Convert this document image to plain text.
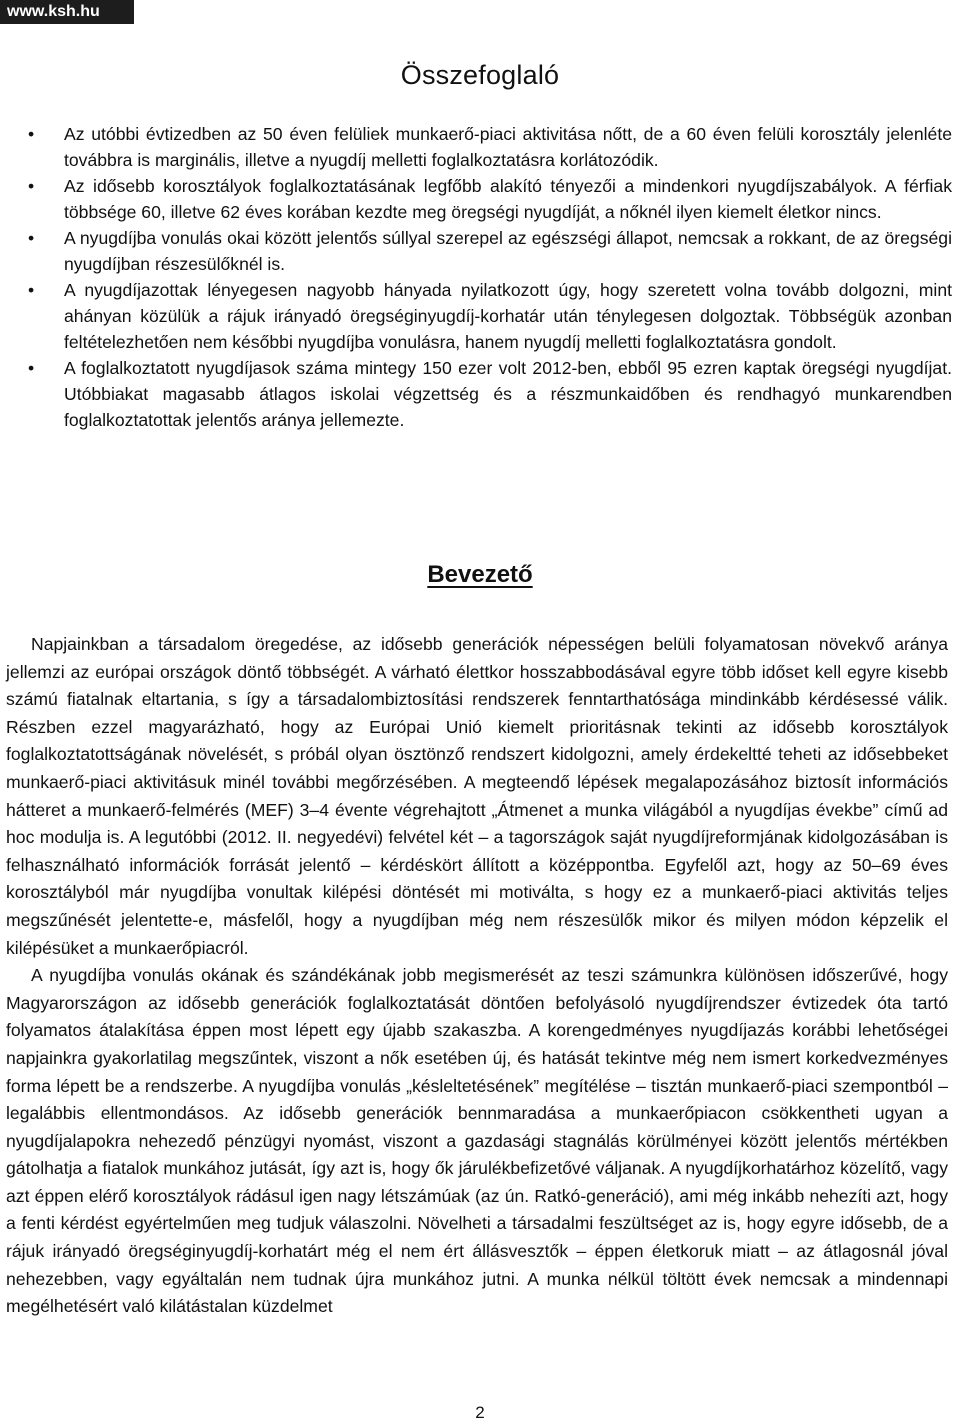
www.ksh.hu
Összefoglaló
• Az utóbbi évtizedben az 50 éven felüliek munkaerő-piaci aktivitása nőtt, de a 60 éven felüli korosztály jelenléte továbbra is marginális, illetve a nyugdíj melletti foglalkoztatásra korlátozódik.
• Az idősebb korosztályok foglalkoztatásának legfőbb alakító tényezői a mindenkori nyugdíjszabályok. A férfiak többsége 60, illetve 62 éves korában kezdte meg öregségi nyugdíját, a nőknél ilyen kiemelt életkor nincs.
• A nyugdíjba vonulás okai között jelentős súllyal szerepel az egészségi állapot, nemcsak a rokkant, de az öregségi nyugdíjban részesülőknél is.
• A nyugdíjazottak lényegesen nagyobb hányada nyilatkozott úgy, hogy szeretett volna tovább dolgozni, mint ahányan közülük a rájuk irányadó öregséginyugdíj-korhatár után ténylegesen dolgoztak. Többségük azonban feltételezhetően nem későbbi nyugdíjba vonulásra, hanem nyugdíj melletti foglalkoztatásra gondolt.
• A foglalkoztatott nyugdíjasok száma mintegy 150 ezer volt 2012-ben, ebből 95 ezren kaptak öregségi nyugdíjat. Utóbbiakat magasabb átlagos iskolai végzettség és a részmunkaidőben és rendhagyó munkarendben foglalkoztatottak jelentős aránya jellemezte.
Bevezető

Napjainkban a társadalom öregedése, az idősebb generációk népességen belüli folyamatosan növekvő aránya jellemzi az európai országok döntő többségét. A várható élettkor hosszabbodásával egyre több időset kell egyre kisebb számú fiatalnak eltartania, s így a társadalombiztosítási rendszerek fenntarthatósága mindinkább kérdésessé válik. Részben ezzel magyarázható, hogy az Európai Unió kiemelt prioritásnak tekinti az idősebb korosztályok foglalkoztatottságának növelését, s próbál olyan ösztönző rendszert kidolgozni, amely érdekeltté teheti az idősebbeket munkaerő-piaci aktivitásuk minél további megőrzésében. A megteendő lépések megalapozásához biztosít információs hátteret a munkaerő-felmérés (MEF) 3–4 évente végrehajtott „Átmenet a munka világából a nyugdíjas évekbe” című ad hoc modulja is. A legutóbbi (2012. II. negyedévi) felvétel két – a tagországok saját nyugdíjreformjának kidolgozásában is felhasználható információk forrását jelentő – kérdéskört állított a középpontba. Egyfelől azt, hogy az 50–69 éves korosztályból már nyugdíjba vonultak kilépési döntését mi motiválta, s hogy ez a munkaerő-piaci aktivitás teljes megszűnését jelentette-e, másfelől, hogy a nyugdíjban még nem részesülők mikor és milyen módon képzelik el kilépésüket a munkaerőpiacról.

A nyugdíjba vonulás okának és szándékának jobb megismerését az teszi számunkra különösen időszerűvé, hogy Magyarországon az idősebb generációk foglalkoztatását döntően befolyásoló nyugdíjrendszer évtizedek óta tartó folyamatos átalakítása éppen most lépett egy újabb szakaszba. A korengedményes nyugdíjazás korábbi lehetőségei napjainkra gyakorlatilag megszűntek, viszont a nők esetében új, és hatását tekintve még nem ismert korkedvezményes forma lépett be a rendszerbe. A nyugdíjba vonulás „késleltetésének” megítélése – tisztán munkaerő-piaci szempontból – legalábbis ellentmondásos. Az idősebb generációk bennmaradása a munkaerőpiacon csökkentheti ugyan a nyugdíjalapokra nehezedő pénzügyi nyomást, viszont a gazdasági stagnálás körülményei között jelentős mértékben gátolhatja a fiatalok munkához jutását, így azt is, hogy ők járulékbefizetővé váljanak. A nyugdíjkorhatárhoz közelítő, vagy azt éppen elérő korosztályok rádásul igen nagy létszámúak (az ún. Ratkó-generáció), ami még inkább nehezíti azt, hogy a fenti kérdést egyértelműen meg tudjuk válaszolni. Növelheti a társadalmi feszültséget az is, hogy egyre idősebb, de a rájuk irányadó öregséginyugdíj-korhatárt még el nem ért állásvesztők – éppen életkoruk miatt – az átlagosnál jóval nehezebben, vagy egyáltalán nem tudnak újra munkához jutni. A munka nélkül töltött évek nemcsak a mindennapi megélhetésért való kilátástalan küzdelmet

2
